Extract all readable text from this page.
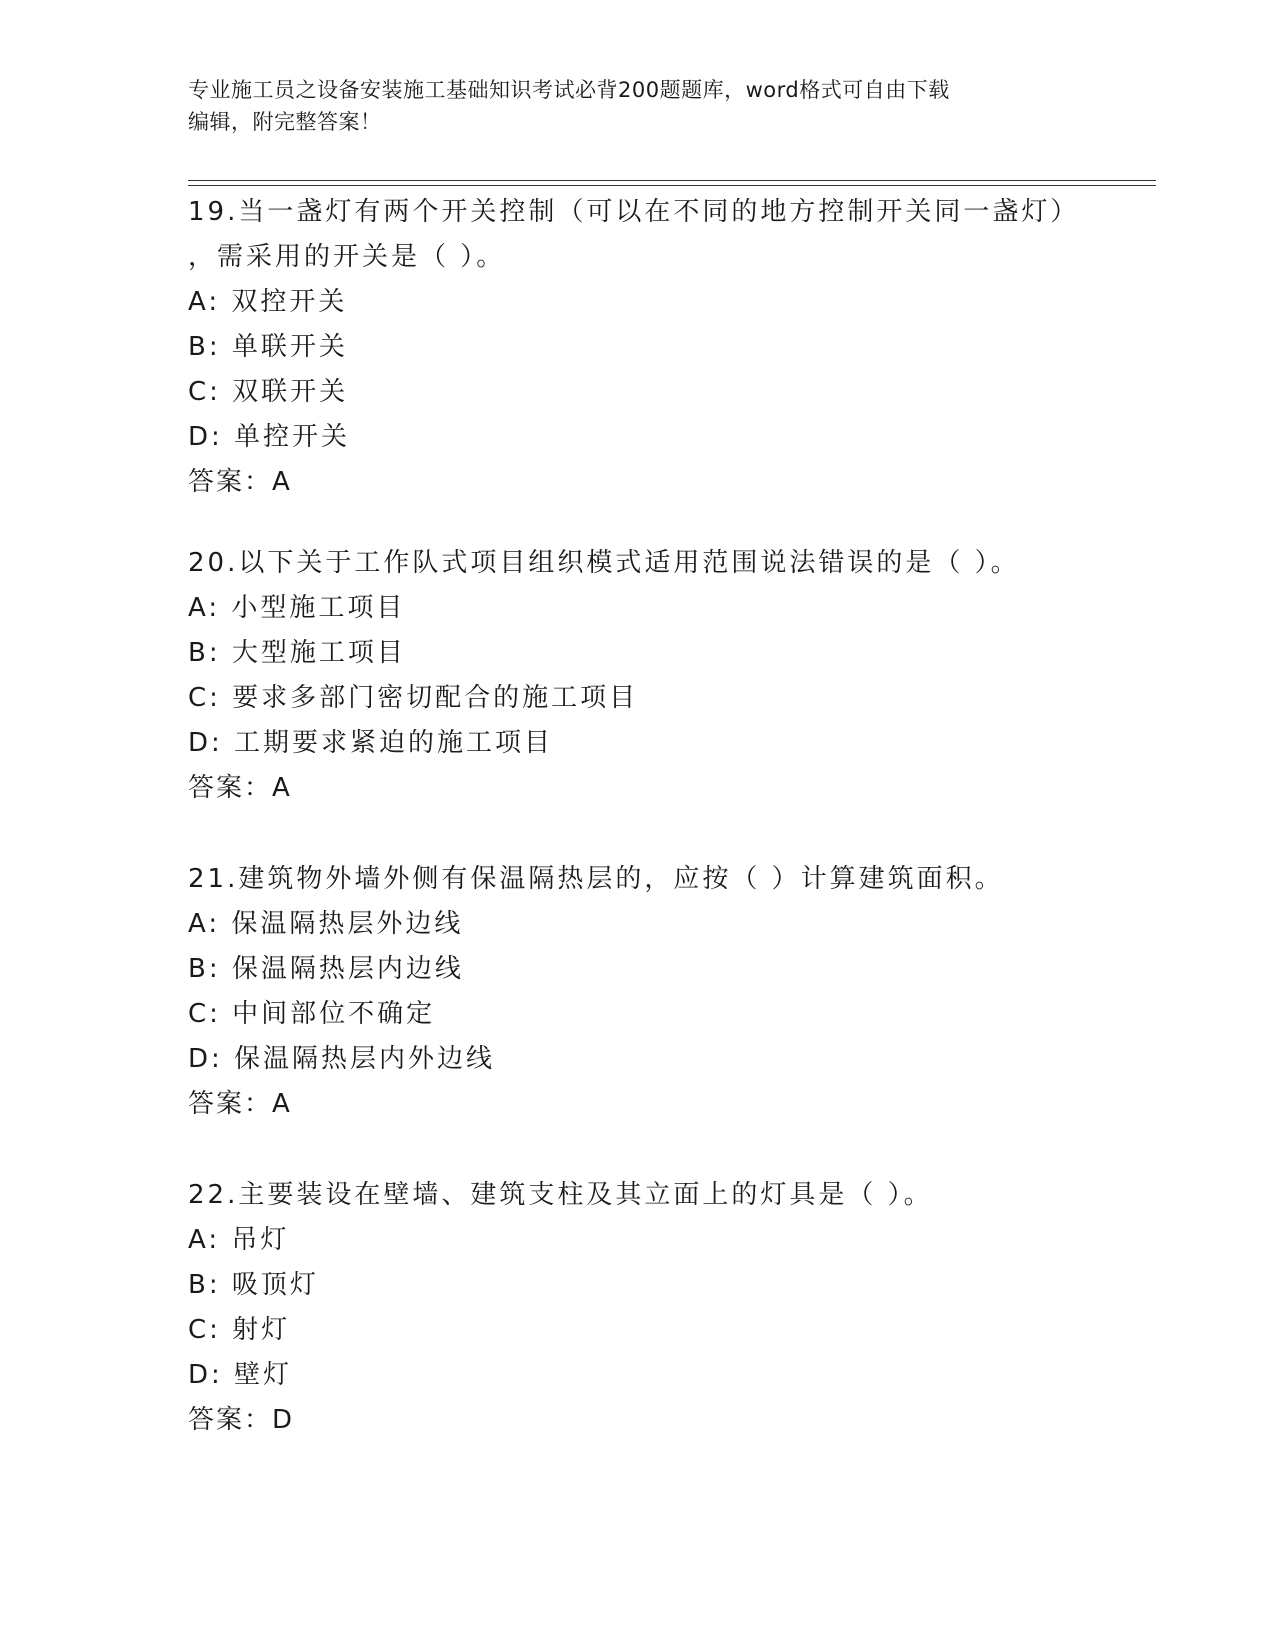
专业施工员之设备安装施工基础知识考试必背200题题库，word格式可自由下载
编辑，附完整答案！
19.当一盏灯有两个开关控制（可以在不同的地方控制开关同一盏灯）
，需采用的开关是（ ）。
A: 双控开关
B: 单联开关
C: 双联开关
D: 单控开关
答案：A
20.以下关于工作队式项目组织模式适用范围说法错误的是（ ）。
A: 小型施工项目
B: 大型施工项目
C: 要求多部门密切配合的施工项目
D: 工期要求紧迫的施工项目
答案：A
21.建筑物外墙外侧有保温隔热层的，应按（ ）计算建筑面积。
A: 保温隔热层外边线
B: 保温隔热层内边线
C: 中间部位不确定
D: 保温隔热层内外边线
答案：A
22.主要装设在壁墙、建筑支柱及其立面上的灯具是（ ）。
A: 吊灯
B: 吸顶灯
C: 射灯
D: 壁灯
答案：D
